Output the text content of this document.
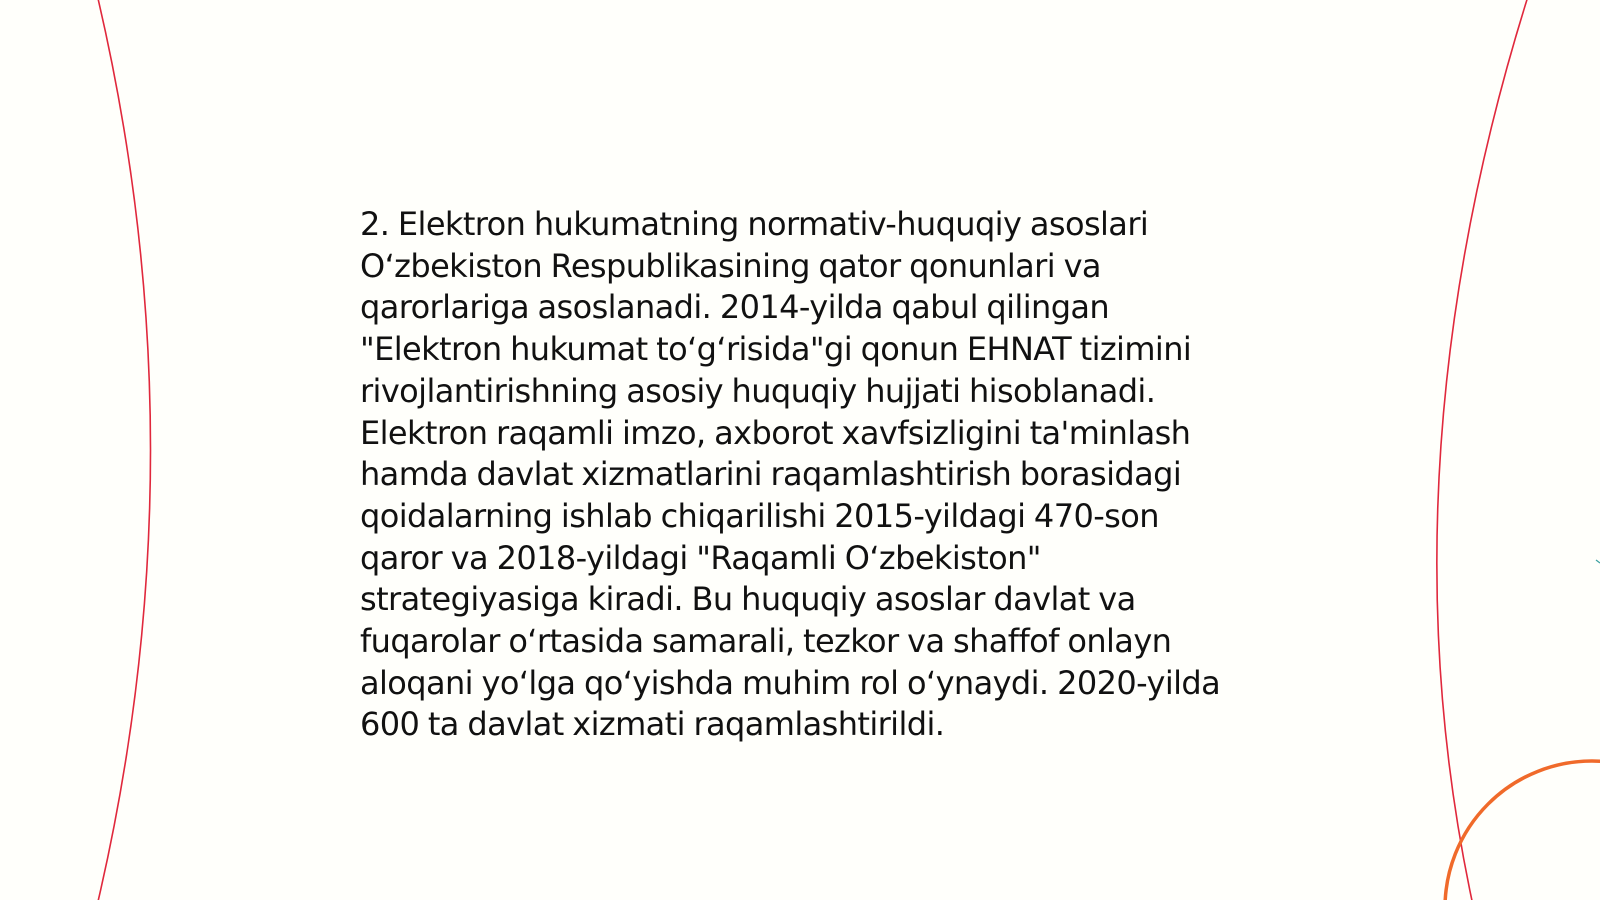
2. Elektron hukumatning normativ-huquqiy asoslari O‘zbekiston Respublikasining qator qonunlari va qarorlariga asoslanadi. 2014-yilda qabul qilingan "Elektron hukumat to‘g‘risida"gi qonun EHNAT tizimini rivojlantirishning asosiy huquqiy hujjati hisoblanadi. Elektron raqamli imzo, axborot xavfsizligini ta'minlash hamda davlat xizmatlarini raqamlashtirish borasidagi qoidalarning ishlab chiqarilishi 2015-yildagi 470-son qaror va 2018-yildagi "Raqamli O‘zbekiston" strategiyasiga kiradi. Bu huquqiy asoslar davlat va fuqarolar o‘rtasida samarali, tezkor va shaffof onlayn aloqani yo‘lga qo‘yishda muhim rol o‘ynaydi. 2020-yilda 600 ta davlat xizmati raqamlashtirildi.
